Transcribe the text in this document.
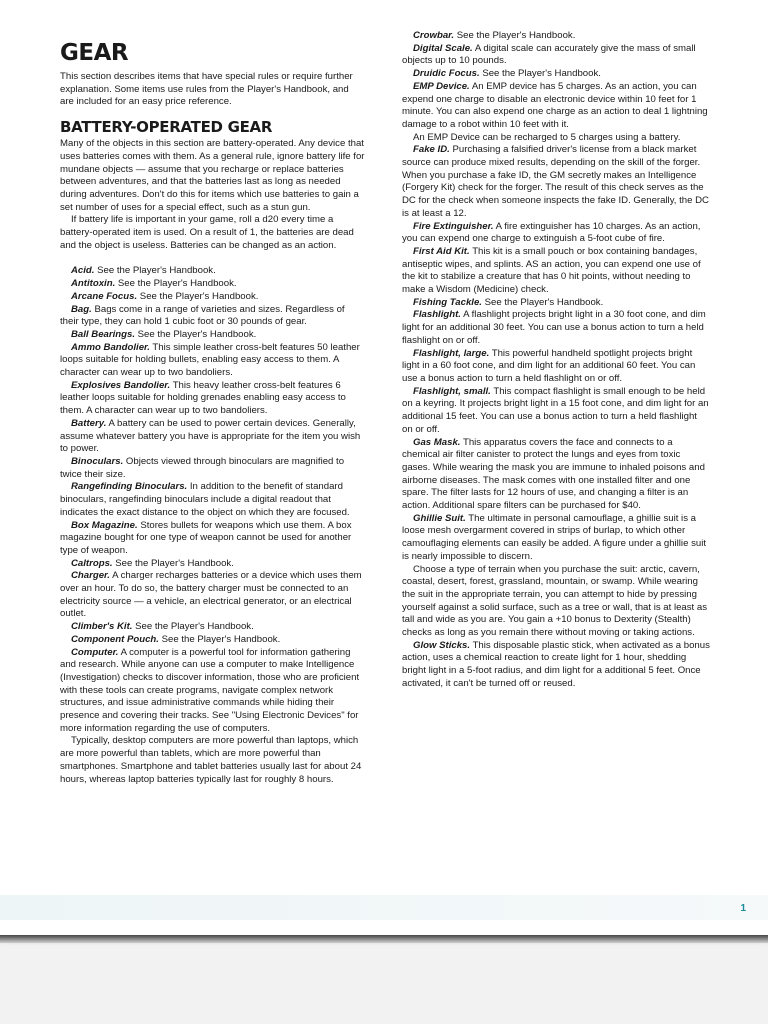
GEAR

This section describes items that have special rules or require further explanation. Some items use rules from the Player's Handbook, and are included for an easy price reference.

BATTERY-OPERATED GEAR

Many of the objects in this section are battery-operated. Any device that uses batteries comes with them. As a general rule, ignore battery life for mundane objects — assume that you recharge or replace batteries between adventures, and that the batteries last as long as needed during adventures. Don't do this for items which use batteries to gain a set number of uses for a special effect, such as a stun gun.

If battery life is important in your game, roll a d20 every time a battery-operated item is used. On a result of 1, the batteries are dead and the object is useless. Batteries can be changed as an action.

Acid. See the Player's Handbook.

Antitoxin. See the Player's Handbook.

Arcane Focus. See the Player's Handbook.

Bag. Bags come in a range of varieties and sizes. Regardless of their type, they can hold 1 cubic foot or 30 pounds of gear.

Ball Bearings. See the Player's Handbook.

Ammo Bandolier. This simple leather cross-belt features 50 leather loops suitable for holding bullets, enabling easy access to them. A character can wear up to two bandoliers.

Explosives Bandolier. This heavy leather cross-belt features 6 leather loops suitable for holding grenades enabling easy access to them. A character can wear up to two bandoliers.

Battery. A battery can be used to power certain devices. Generally, assume whatever battery you have is appropriate for the item you wish to power.

Binoculars. Objects viewed through binoculars are magnified to twice their size.

Rangefinding Binoculars. In addition to the benefit of standard binoculars, rangefinding binoculars include a digital readout that indicates the exact distance to the object on which they are focused.

Box Magazine. Stores bullets for weapons which use them. A box magazine bought for one type of weapon cannot be used for another type of weapon.

Caltrops. See the Player's Handbook.

Charger. A charger recharges batteries or a device which uses them over an hour. To do so, the battery charger must be connected to an electricity source — a vehicle, an electrical generator, or an electrical outlet.

Climber's Kit. See the Player's Handbook.

Component Pouch. See the Player's Handbook.

Computer. A computer is a powerful tool for information gathering and research. While anyone can use a computer to make Intelligence (Investigation) checks to discover information, those who are proficient with these tools can create programs, navigate complex network structures, and issue administrative commands while hiding their presence and covering their tracks. See "Using Electronic Devices" for more information regarding the use of computers.

Typically, desktop computers are more powerful than laptops, which are more powerful than tablets, which are more powerful than smartphones. Smartphone and tablet batteries usually last for about 24 hours, whereas laptop batteries typically last for roughly 8 hours.

Crowbar. See the Player's Handbook.

Digital Scale. A digital scale can accurately give the mass of small objects up to 10 pounds.

Druidic Focus. See the Player's Handbook.

EMP Device. An EMP device has 5 charges. As an action, you can expend one charge to disable an electronic device within 10 feet for 1 minute. You can also expend one charge as an action to deal 1 lightning damage to a robot within 10 feet with it.

An EMP Device can be recharged to 5 charges using a battery.

Fake ID. Purchasing a falsified driver's license from a black market source can produce mixed results, depending on the skill of the forger. When you purchase a fake ID, the GM secretly makes an Intelligence (Forgery Kit) check for the forger. The result of this check serves as the DC for the check when someone inspects the fake ID. Generally, the DC is at least a 12.

Fire Extinguisher. A fire extinguisher has 10 charges. As an action, you can expend one charge to extinguish a 5-foot cube of fire.

First Aid Kit. This kit is a small pouch or box containing bandages, antiseptic wipes, and splints. AS an action, you can expend one use of the kit to stabilize a creature that has 0 hit points, without needing to make a Wisdom (Medicine) check.

Fishing Tackle. See the Player's Handbook.

Flashlight. A flashlight projects bright light in a 30 foot cone, and dim light for an additional 30 feet. You can use a bonus action to turn a held flashlight on or off.

Flashlight, large. This powerful handheld spotlight projects bright light in a 60 foot cone, and dim light for an additional 60 feet. You can use a bonus action to turn a held flashlight on or off.

Flashlight, small. This compact flashlight is small enough to be held on a keyring. It projects bright light in a 15 foot cone, and dim light for an additional 15 feet. You can use a bonus action to turn a held flashlight on or off.

Gas Mask. This apparatus covers the face and connects to a chemical air filter canister to protect the lungs and eyes from toxic gases. While wearing the mask you are immune to inhaled poisons and airborne diseases. The mask comes with one installed filter and one spare. The filter lasts for 12 hours of use, and changing a filter is an action. Additional spare filters can be purchased for $40.

Ghillie Suit. The ultimate in personal camouflage, a ghillie suit is a loose mesh overgarment covered in strips of burlap, to which other camouflaging elements can easily be added. A figure under a ghillie suit is nearly impossible to discern.

Choose a type of terrain when you purchase the suit: arctic, cavern, coastal, desert, forest, grassland, mountain, or swamp. While wearing the suit in the appropriate terrain, you can attempt to hide by pressing yourself against a solid surface, such as a tree or wall, that is at least as tall and wide as you are. You gain a +10 bonus to Dexterity (Stealth) checks as long as you remain there without moving or taking actions.

Glow Sticks. This disposable plastic stick, when activated as a bonus action, uses a chemical reaction to create light for 1 hour, shedding bright light in a 5-foot radius, and dim light for a additional 5 feet. Once activated, it can't be turned off or reused.

1
